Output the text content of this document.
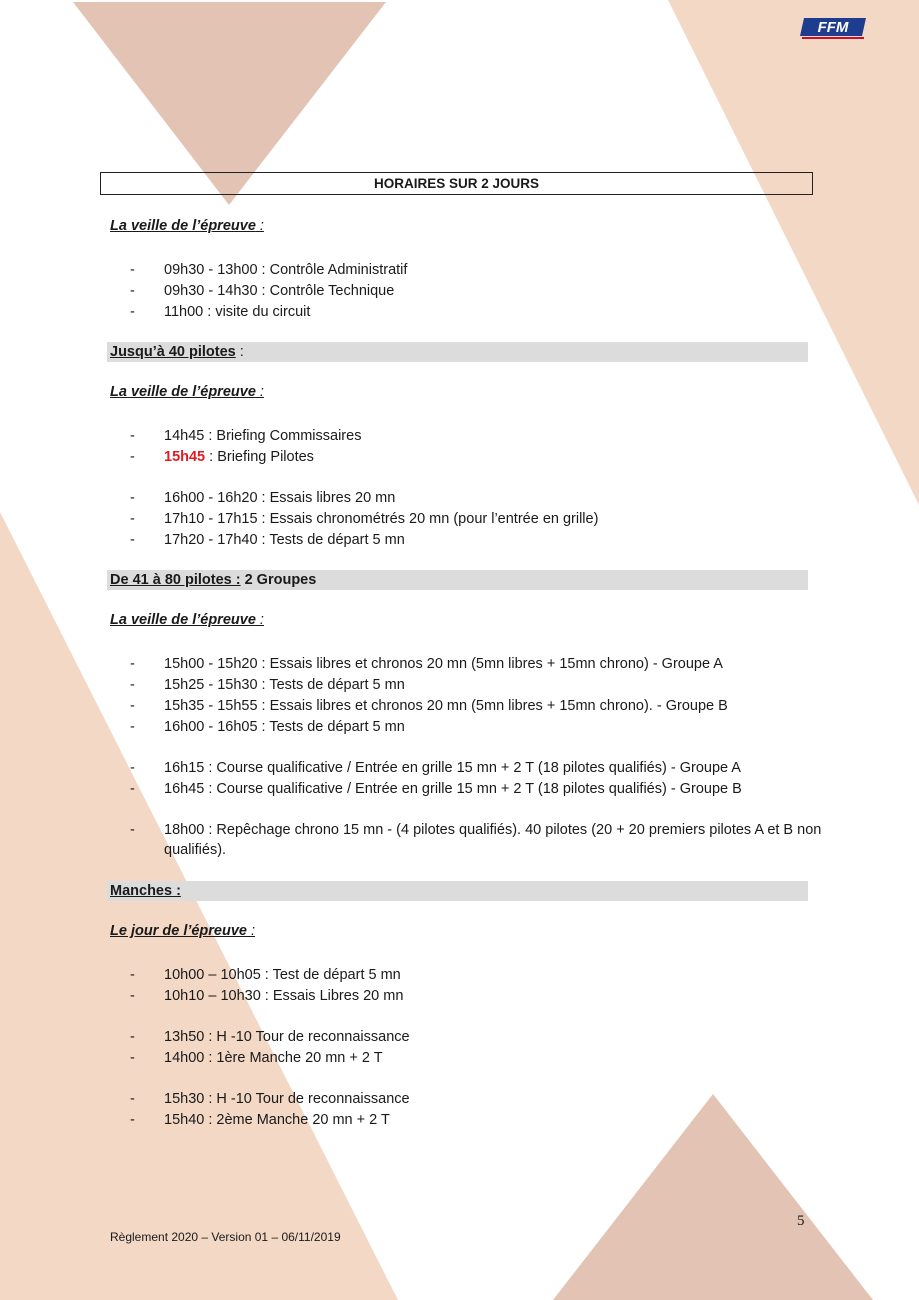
FFM
HORAIRES SUR 2 JOURS
La veille de l’épreuve :
- 09h30 - 13h00 : Contrôle Administratif
- 09h30 - 14h30 : Contrôle Technique
- 11h00 : visite du circuit
Jusqu’à 40 pilotes :
La veille de l’épreuve :
- 14h45 : Briefing Commissaires
- 15h45 : Briefing Pilotes
- 16h00 - 16h20 : Essais libres 20 mn
- 17h10 - 17h15 : Essais chronométrés 20 mn (pour l’entrée en grille)
- 17h20 - 17h40 : Tests de départ 5 mn
De 41 à 80 pilotes : 2 Groupes
La veille de l’épreuve :
- 15h00 - 15h20 : Essais libres et chronos 20 mn (5mn libres + 15mn chrono) - Groupe A
- 15h25 - 15h30 : Tests de départ 5 mn
- 15h35 - 15h55 : Essais libres et chronos 20 mn (5mn libres + 15mn chrono). - Groupe B
- 16h00 - 16h05 : Tests de départ 5 mn
- 16h15 : Course qualificative / Entrée en grille 15 mn + 2 T (18 pilotes qualifiés) - Groupe A
- 16h45 : Course qualificative / Entrée en grille 15 mn + 2 T (18 pilotes qualifiés) - Groupe B
- 18h00 : Repêchage chrono 15 mn - (4 pilotes qualifiés). 40 pilotes (20 + 20 premiers pilotes A et B non qualifiés).
Manches :
Le jour de l’épreuve :
- 10h00 – 10h05 : Test de départ 5 mn
- 10h10 – 10h30 : Essais Libres 20 mn
- 13h50 : H -10 Tour de reconnaissance
- 14h00 : 1ère Manche 20 mn + 2 T
- 15h30 : H -10 Tour de reconnaissance
- 15h40 : 2ème Manche 20 mn + 2 T
5
Règlement 2020 – Version 01 – 06/11/2019
